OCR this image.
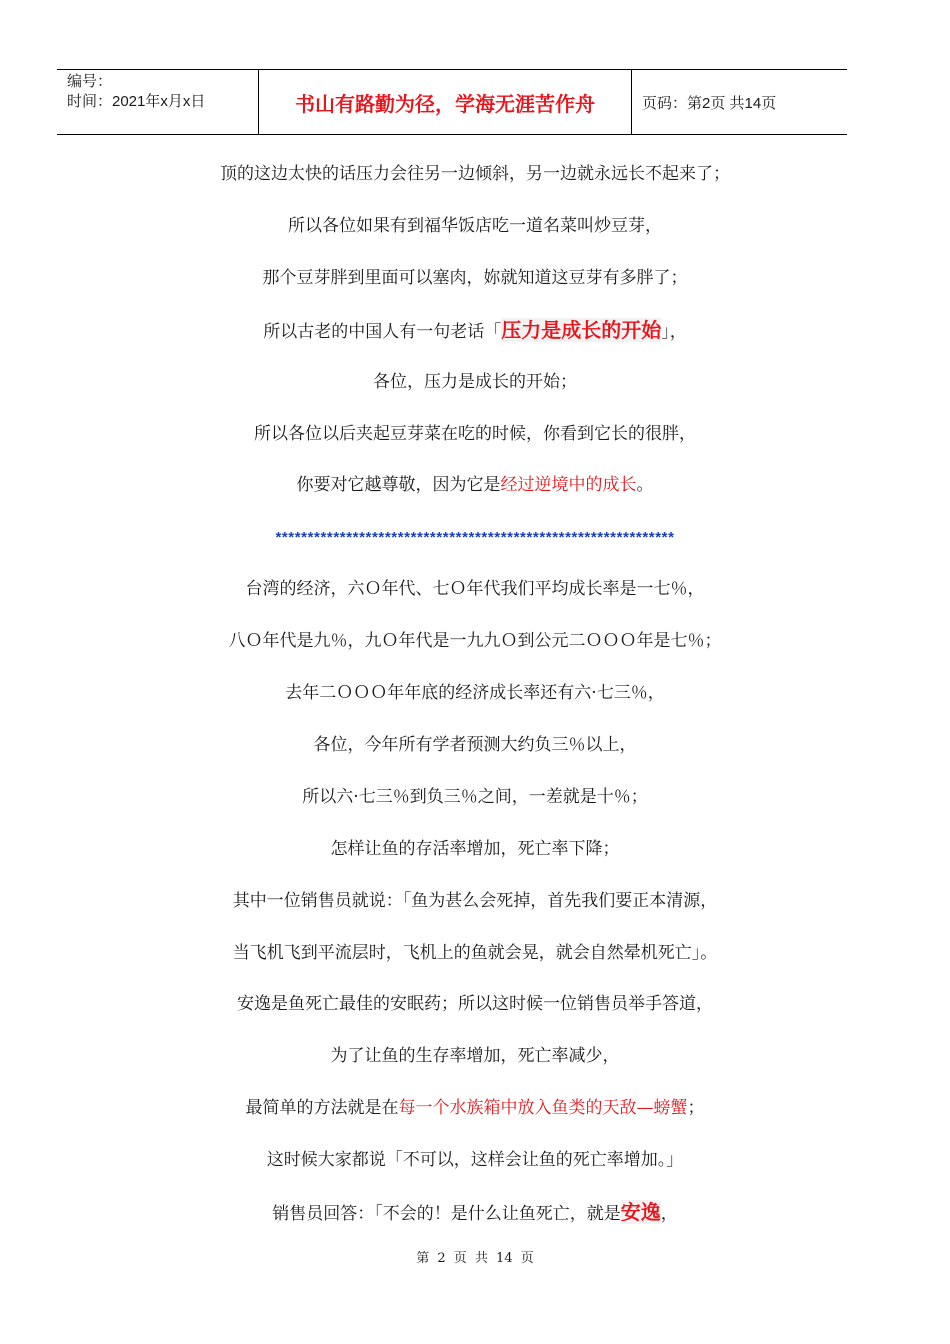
编号：
时间：2021年x月x日	书山有路勤为径，学海无涯苦作舟	页码：第2页 共14页
顶的这边太快的话压力会往另一边倾斜，另一边就永远长不起来了；
所以各位如果有到福华饭店吃一道名菜叫炒豆芽，
那个豆芽胖到里面可以塞肉，妳就知道这豆芽有多胖了；
所以古老的中国人有一句老话「压力是成长的开始」，
各位，压力是成长的开始；
所以各位以后夹起豆芽菜在吃的时候，你看到它长的很胖，
你要对它越尊敬，因为它是经过逆境中的成长。
**************************************************************
台湾的经济，六Ｏ年代、七Ｏ年代我们平均成长率是一七％，
八Ｏ年代是九％，九Ｏ年代是一九九Ｏ到公元二ＯＯＯ年是七％；
去年二ＯＯＯ年年底的经济成长率还有六·七三％，
各位，今年所有学者预测大约负三％以上，
所以六·七三％到负三％之间，一差就是十％；
怎样让鱼的存活率增加，死亡率下降；
其中一位销售员就说：「鱼为甚么会死掉，首先我们要正本清源，
当飞机飞到平流层时，飞机上的鱼就会晃，就会自然晕机死亡」。
安逸是鱼死亡最佳的安眠药；所以这时候一位销售员举手答道，
为了让鱼的生存率增加，死亡率减少，
最简单的方法就是在每一个水族箱中放入鱼类的天敌—螃蟹；
这时候大家都说「不可以，这样会让鱼的死亡率增加。」
销售员回答：「不会的！是什么让鱼死亡，就是安逸，
第 2 页 共 14 页
